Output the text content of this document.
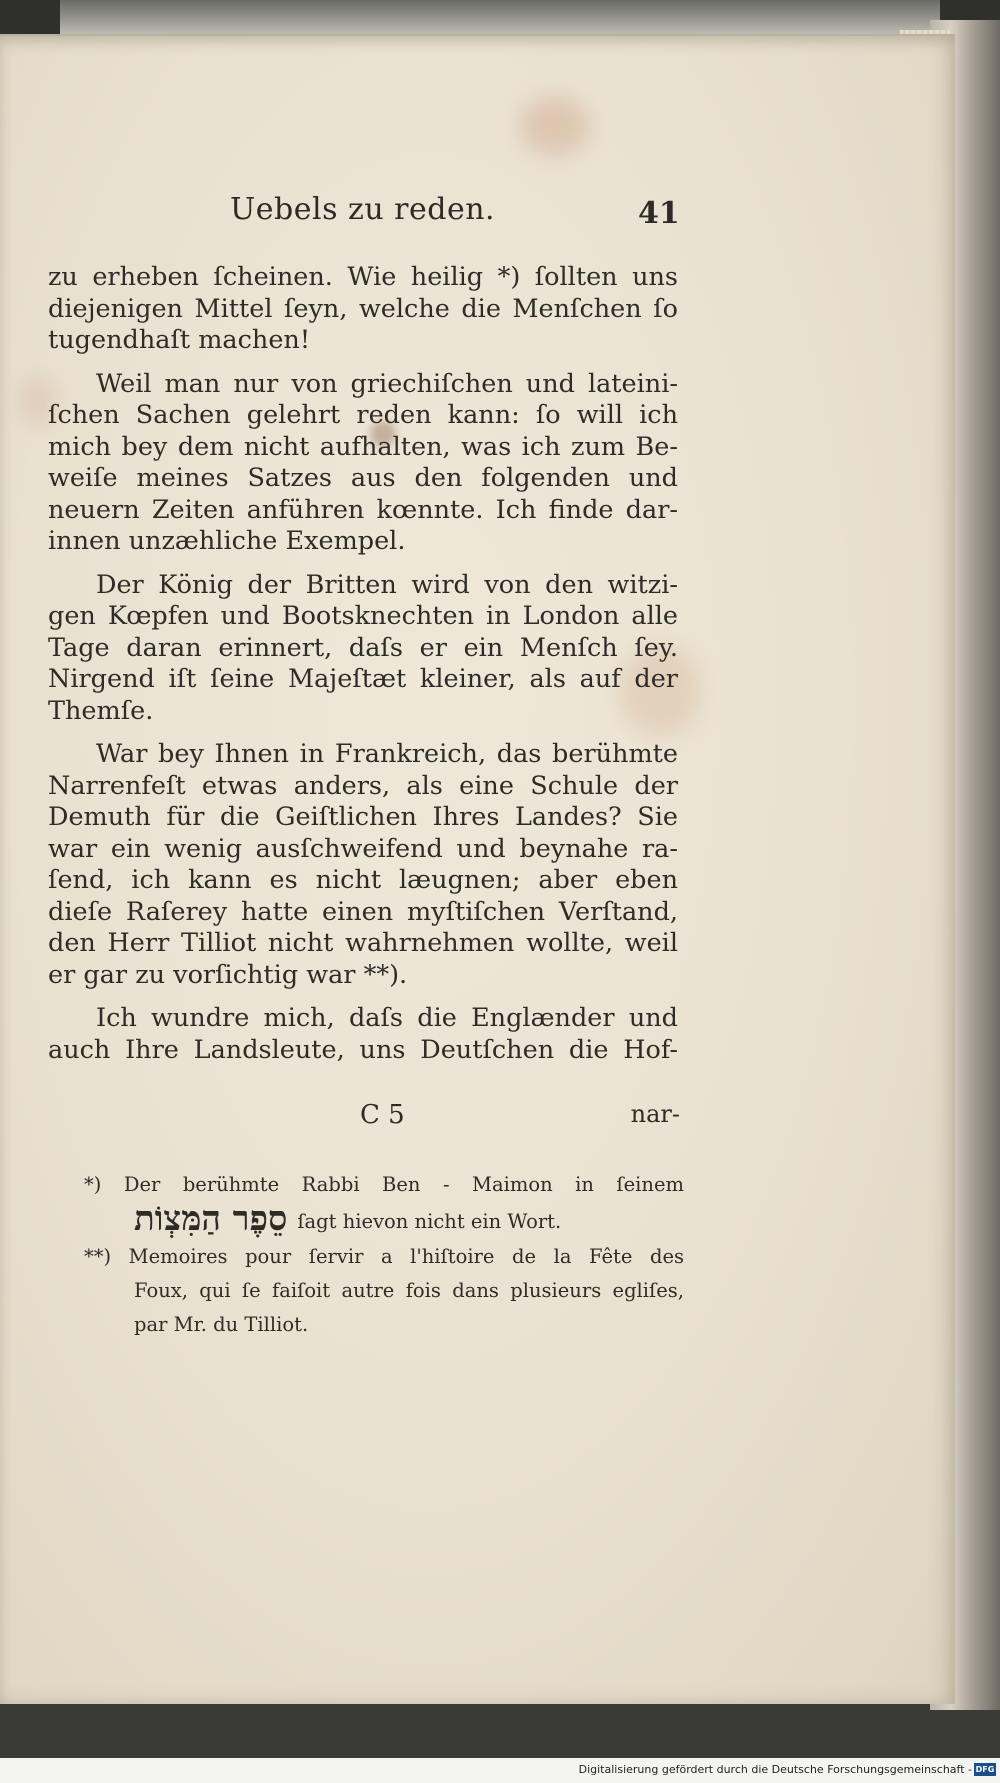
Uebels zu reden.	41
zu erheben ſcheinen. Wie heilig *) ſollten uns
diejenigen Mittel ſeyn, welche die Menſchen ſo
tugendhaſt machen!
Weil man nur von griechiſchen und lateini-
ſchen Sachen gelehrt reden kann: ſo will ich
mich bey dem nicht aufhalten, was ich zum Be-
weiſe meines Satzes aus den folgenden und
neuern Zeiten anführen kœnnte. Ich finde dar-
innen unzæhliche Exempel.
Der König der Britten wird von den witzi-
gen Kœpfen und Bootsknechten in London alle
Tage daran erinnert, daſs er ein Menſch ſey.
Nirgend iſt ſeine Majeſtæt kleiner, als auf der
Themſe.
War bey Ihnen in Frankreich, das berühmte
Narrenfeſt etwas anders, als eine Schule der
Demuth für die Geiſtlichen Ihres Landes? Sie
war ein wenig ausſchweifend und beynahe ra-
ſend, ich kann es nicht læugnen; aber eben
dieſe Raſerey hatte einen myſtiſchen Verſtand,
den Herr Tilliot nicht wahrnehmen wollte, weil
er gar zu vorſichtig war **).
Ich wundre mich, daſs die Englænder und
auch Ihre Landsleute, uns Deutſchen die Hof-
C 5	nar-
*) Der berühmte Rabbi Ben - Maimon in ſeinem
סֵפֶר הַמִּצְוֹת ſagt hievon nicht ein Wort.
**) Memoires pour ſervir a l'hiſtoire de la Fête des
Foux, qui ſe faiſoit autre fois dans plusieurs egliſes,
par Mr. du Tilliot.
Digitalisierung gefördert durch die Deutsche Forschungsgemeinschaft - DFG
